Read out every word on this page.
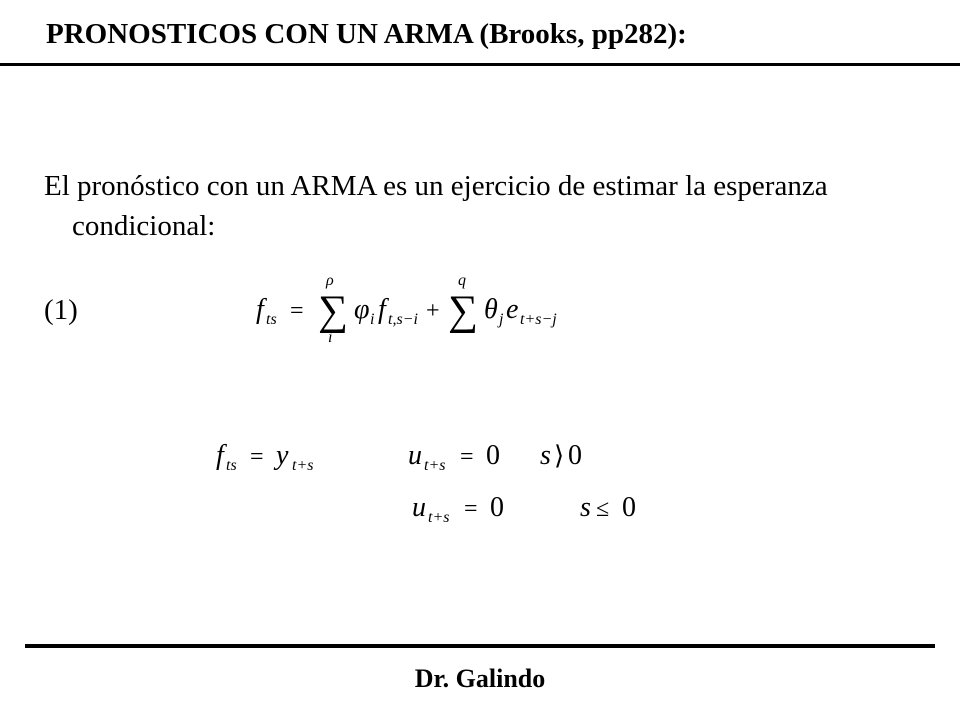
PRONOSTICOS CON UN ARMA (Brooks, pp282):
El pronóstico con un ARMA es un ejercicio de estimar la esperanza condicional:
(1)	f ts = ∑
ρ
i
φ i f t,s−i + ∑
q
θ j e t+s−j
f ts = y t+s	u t+s = 0 s ⟩ 0
u t+s = 0	s ≤ 0
Dr. Galindo
